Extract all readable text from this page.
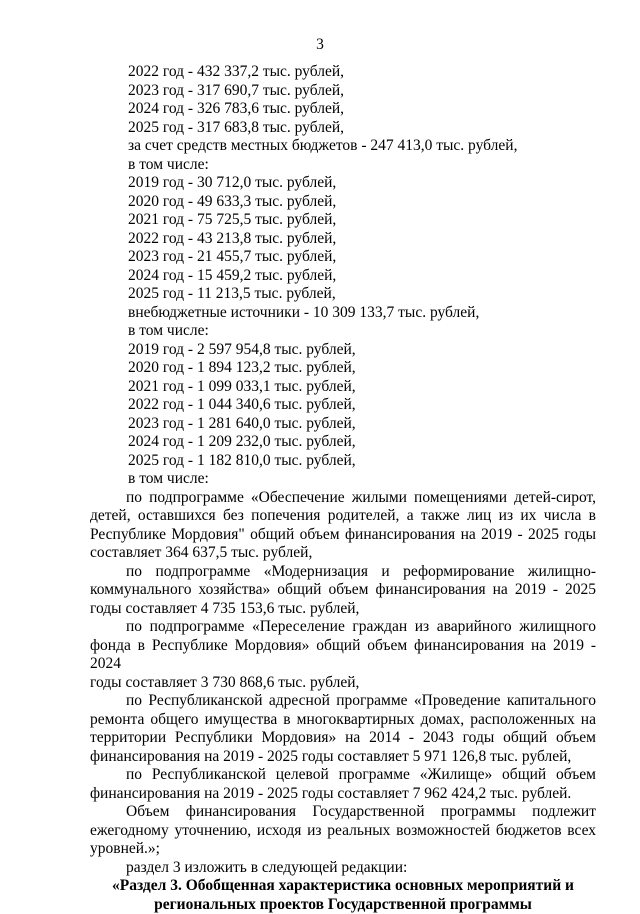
3
2022 год - 432 337,2 тыс. рублей,
2023 год - 317 690,7 тыс. рублей,
2024 год - 326 783,6 тыс. рублей,
2025 год - 317 683,8 тыс. рублей,
за счет средств местных бюджетов - 247 413,0 тыс. рублей,
в том числе:
2019 год - 30 712,0 тыс. рублей,
2020 год - 49 633,3 тыс. рублей,
2021 год - 75 725,5 тыс. рублей,
2022 год - 43 213,8 тыс. рублей,
2023 год - 21 455,7 тыс. рублей,
2024 год - 15 459,2 тыс. рублей,
2025 год - 11 213,5 тыс. рублей,
внебюджетные источники - 10 309 133,7 тыс. рублей,
в том числе:
2019 год - 2 597 954,8 тыс. рублей,
2020 год - 1 894 123,2 тыс. рублей,
2021 год - 1 099 033,1 тыс. рублей,
2022 год - 1 044 340,6 тыс. рублей,
2023 год - 1 281 640,0 тыс. рублей,
2024 год - 1 209 232,0 тыс. рублей,
2025 год - 1 182 810,0 тыс. рублей,
в том числе:
по подпрограмме «Обеспечение жилыми помещениями детей-сирот,
детей, оставшихся без попечения родителей, а также лиц из их числа в
Республике Мордовия" общий объем финансирования на 2019 - 2025 годы
составляет 364 637,5 тыс. рублей,
по подпрограмме «Модернизация и реформирование жилищно-
коммунального хозяйства» общий объем финансирования на 2019 - 2025
годы составляет 4 735 153,6 тыс. рублей,
по подпрограмме «Переселение граждан из аварийного жилищного
фонда в Республике Мордовия» общий объем финансирования на 2019 - 2024
годы составляет 3 730 868,6 тыс. рублей,
по Республиканской адресной программе «Проведение капитального
ремонта общего имущества в многоквартирных домах, расположенных на
территории Республики Мордовия» на 2014 - 2043 годы общий объем
финансирования на 2019 - 2025 годы составляет 5 971 126,8 тыс. рублей,
по Республиканской целевой программе «Жилище» общий объем
финансирования на 2019 - 2025 годы составляет 7 962 424,2 тыс. рублей.
Объем финансирования Государственной программы подлежит
ежегодному уточнению, исходя из реальных возможностей бюджетов всех
уровней.»;
раздел 3 изложить в следующей редакции:
«Раздел 3. Обобщенная характеристика основных мероприятий и
региональных проектов Государственной программы
